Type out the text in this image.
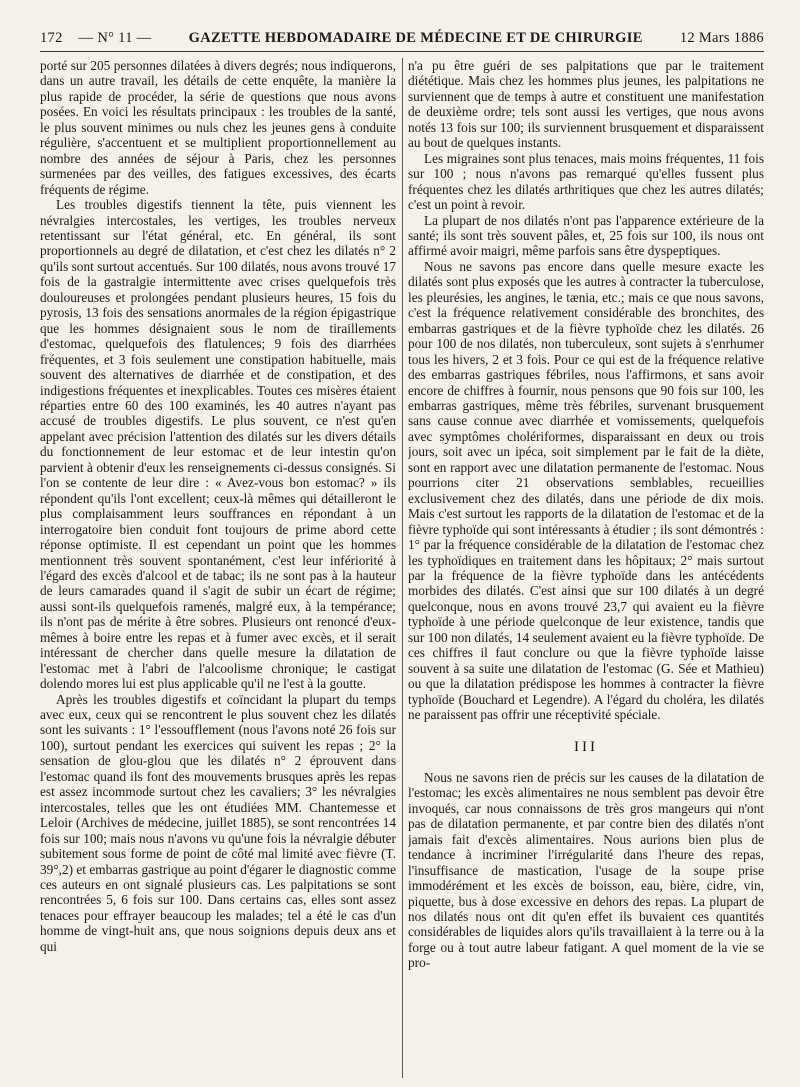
172 — N° 11 —	GAZETTE HEBDOMADAIRE DE MÉDECINE ET DE CHIRURGIE	12 Mars 1886

porté sur 205 personnes dilatées à divers degrés; nous indiquerons, dans un autre travail, les détails de cette enquête, la manière la plus rapide de procéder, la série de questions que nous avons posées. En voici les résultats principaux : les troubles de la santé, le plus souvent minimes ou nuls chez les jeunes gens à conduite régulière, s'accentuent et se multiplient proportionnellement au nombre des années de séjour à Paris, chez les personnes surmenées par des veilles, des fatigues excessives, des écarts fréquents de régime.

Les troubles digestifs tiennent la tête, puis viennent les névralgies intercostales, les vertiges, les troubles nerveux retentissant sur l'état général, etc. En général, ils sont proportionnels au degré de dilatation, et c'est chez les dilatés n° 2 qu'ils sont surtout accentués. Sur 100 dilatés, nous avons trouvé 17 fois de la gastralgie intermittente avec crises quelquefois très douloureuses et prolongées pendant plusieurs heures, 15 fois du pyrosis, 13 fois des sensations anormales de la région épigastrique que les hommes désignaient sous le nom de tiraillements d'estomac, quelquefois des flatulences; 9 fois des diarrhées fréquentes, et 3 fois seulement une constipation habituelle, mais souvent des alternatives de diarrhée et de constipation, et des indigestions fréquentes et inexplicables. Toutes ces misères étaient réparties entre 60 des 100 examinés, les 40 autres n'ayant pas accusé de troubles digestifs. Le plus souvent, ce n'est qu'en appelant avec précision l'attention des dilatés sur les divers détails du fonctionnement de leur estomac et de leur intestin qu'on parvient à obtenir d'eux les renseignements ci-dessus consignés. Si l'on se contente de leur dire : « Avez-vous bon estomac? » ils répondent qu'ils l'ont excellent; ceux-là mêmes qui détailleront le plus complaisamment leurs souffrances en répondant à un interrogatoire bien conduit font toujours de prime abord cette réponse optimiste. Il est cependant un point que les hommes mentionnent très souvent spontanément, c'est leur infériorité à l'égard des excès d'alcool et de tabac; ils ne sont pas à la hauteur de leurs camarades quand il s'agit de subir un écart de régime; aussi sont-ils quelquefois ramenés, malgré eux, à la tempérance; ils n'ont pas de mérite à être sobres. Plusieurs ont renoncé d'eux-mêmes à boire entre les repas et à fumer avec excès, et il serait intéressant de chercher dans quelle mesure la dilatation de l'estomac met à l'abri de l'alcoolisme chronique; le castigat dolendo mores lui est plus applicable qu'il ne l'est à la goutte.

Après les troubles digestifs et coïncidant la plupart du temps avec eux, ceux qui se rencontrent le plus souvent chez les dilatés sont les suivants : 1° l'essoufflement (nous l'avons noté 26 fois sur 100), surtout pendant les exercices qui suivent les repas ; 2° la sensation de glou-glou que les dilatés n° 2 éprouvent dans l'estomac quand ils font des mouvements brusques après les repas est assez incommode surtout chez les cavaliers; 3° les névralgies intercostales, telles que les ont étudiées MM. Chantemesse et Leloir (Archives de médecine, juillet 1885), se sont rencontrées 14 fois sur 100; mais nous n'avons vu qu'une fois la névralgie débuter subitement sous forme de point de côté mal limité avec fièvre (T. 39°,2) et embarras gastrique au point d'égarer le diagnostic comme ces auteurs en ont signalé plusieurs cas. Les palpitations se sont rencontrées 5, 6 fois sur 100. Dans certains cas, elles sont assez tenaces pour effrayer beaucoup les malades; tel a été le cas d'un homme de vingt-huit ans, que nous soignions depuis deux ans et qui

n'a pu être guéri de ses palpitations que par le traitement diététique. Mais chez les hommes plus jeunes, les palpitations ne surviennent que de temps à autre et constituent une manifestation de deuxième ordre; tels sont aussi les vertiges, que nous avons notés 13 fois sur 100; ils surviennent brusquement et disparaissent au bout de quelques instants.

Les migraines sont plus tenaces, mais moins fréquentes, 11 fois sur 100 ; nous n'avons pas remarqué qu'elles fussent plus fréquentes chez les dilatés arthritiques que chez les autres dilatés; c'est un point à revoir.

La plupart de nos dilatés n'ont pas l'apparence extérieure de la santé; ils sont très souvent pâles, et, 25 fois sur 100, ils nous ont affirmé avoir maigri, même parfois sans être dyspeptiques.

Nous ne savons pas encore dans quelle mesure exacte les dilatés sont plus exposés que les autres à contracter la tuberculose, les pleurésies, les angines, le tænia, etc.; mais ce que nous savons, c'est la fréquence relativement considérable des bronchites, des embarras gastriques et de la fièvre typhoïde chez les dilatés. 26 pour 100 de nos dilatés, non tuberculeux, sont sujets à s'enrhumer tous les hivers, 2 et 3 fois. Pour ce qui est de la fréquence relative des embarras gastriques fébriles, nous l'affirmons, et sans avoir encore de chiffres à fournir, nous pensons que 90 fois sur 100, les embarras gastriques, même très fébriles, survenant brusquement sans cause connue avec diarrhée et vomissements, quelquefois avec symptômes cholériformes, disparaissant en deux ou trois jours, soit avec un ipéca, soit simplement par le fait de la diète, sont en rapport avec une dilatation permanente de l'estomac. Nous pourrions citer 21 observations semblables, recueillies exclusivement chez des dilatés, dans une période de dix mois. Mais c'est surtout les rapports de la dilatation de l'estomac et de la fièvre typhoïde qui sont intéressants à étudier ; ils sont démontrés : 1° par la fréquence considérable de la dilatation de l'estomac chez les typhoïdiques en traitement dans les hôpitaux; 2° mais surtout par la fréquence de la fièvre typhoïde dans les antécédents morbides des dilatés. C'est ainsi que sur 100 dilatés à un degré quelconque, nous en avons trouvé 23,7 qui avaient eu la fièvre typhoïde à une période quelconque de leur existence, tandis que sur 100 non dilatés, 14 seulement avaient eu la fièvre typhoïde. De ces chiffres il faut conclure ou que la fièvre typhoïde laisse souvent à sa suite une dilatation de l'estomac (G. Sée et Mathieu) ou que la dilatation prédispose les hommes à contracter la fièvre typhoïde (Bouchard et Legendre). A l'égard du choléra, les dilatés ne paraissent pas offrir une réceptivité spéciale.

III

Nous ne savons rien de précis sur les causes de la dilatation de l'estomac; les excès alimentaires ne nous semblent pas devoir être invoqués, car nous connaissons de très gros mangeurs qui n'ont pas de dilatation permanente, et par contre bien des dilatés n'ont jamais fait d'excès alimentaires. Nous aurions bien plus de tendance à incriminer l'irrégularité dans l'heure des repas, l'insuffisance de mastication, l'usage de la soupe prise immodérément et les excès de boisson, eau, bière, cidre, vin, piquette, bus à dose excessive en dehors des repas. La plupart de nos dilatés nous ont dit qu'en effet ils buvaient ces quantités considérables de liquides alors qu'ils travaillaient à la terre ou à la forge ou à tout autre labeur fatigant. A quel moment de la vie se pro-
